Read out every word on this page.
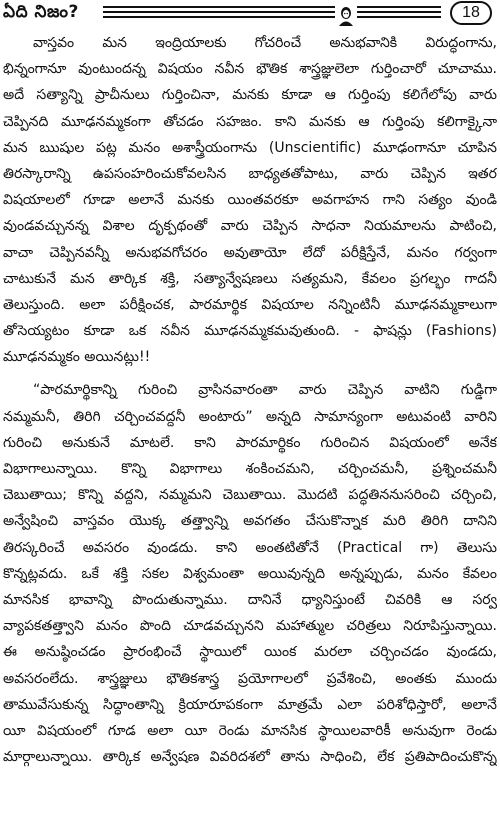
ఏది నిజం?	18
వాస్తవం మన ఇంద్రియాలకు గోచరించే అనుభవానికి విరుద్ధంగాను,
భిన్నంగానూ వుంటుందన్న విషయం నవీన భౌతిక శాస్త్రజ్ఞులెలా గుర్తించారో చూచాము.
అదే సత్యాన్ని ప్రాచీనులు గుర్తించినా, మనకు కూడా ఆ గుర్తింపు కలిగేలోపు వారు
చెప్పినది మూఢనమ్మకంగా తోచడం సహజం. కాని మనకు ఆ గుర్తింపు కలిగాక్కైనా
మన ఋషుల పట్ల మనం అశాస్త్రీయంగాను (Unscientific) మూఢంగానూ చూపిన
తిరస్కారాన్ని ఉపసంహరించుకోవలసిన బాధ్యతతోపాటు, వారు చెప్పిన ఇతర
విషయాలలో గూడా అలానే మనకు యింతవరకూ అవగాహన గాని సత్యం వుండి
వుండవచ్చునన్న విశాల దృక్పథంతో వారు చెప్పిన సాధనా నియమాలను పాటించి,
వాచా చెప్పినవన్నీ అనుభవగోచరం అవుతాయో లేదో పరీక్షిస్తేనే, మనం గర్వంగా
చాటుకునే మన తార్కిక శక్తి, సత్యాన్వేషణలు సత్యమని, కేవలం ప్రగల్భం గాదనీ
తెలుస్తుంది. అలా పరీక్షించక, పారమార్థిక విషయాల నన్నింటినీ మూఢనమ్మకాలుగా
తోసెయ్యటం కూడా ఒక నవీన మూఢనమ్మకమవుతుంది. - ఫాషన్లు (Fashions)
మూఢనమ్మకం అయినట్లు!!
“పారమార్థికాన్ని గురించి వ్రాసినవారంతా వారు చెప్పిన వాటిని గుడ్డిగా
నమ్మమనీ, తిరిగి చర్చించవద్దనీ అంటారు” అన్నది సామాన్యంగా అటువంటి వారిని
గురించి అనుకునే మాటలే. కాని పారమార్థికం గురించిన విషయంలో అనేక
విభాగాలున్నాయి. కొన్ని విభాగాలు శంకించమని, చర్చించమనీ, ప్రశ్నించమనీ
చెబుతాయి; కొన్ని వద్దని, నమ్మమని చెబుతాయి. మొదటి పద్ధతిననుసరించి చర్చించి,
అన్వేషించి వాస్తవం యొక్క తత్త్వాన్ని అవగతం చేసుకొన్నాక మరి తిరిగి దానిని
తిరస్కరించే అవసరం వుండదు. కాని అంతటితోనే (Practical గా) తెలుసు
కొన్నట్లవదు. ఒకే శక్తి సకల విశ్వమంతా అయివున్నది అన్నప్పుడు, మనం కేవలం
మానసిక భావాన్ని పొందుతున్నాము. దానినే ధ్యానిస్తుంటే చివరికి ఆ సర్వ
వ్యాపకతత్త్వాని మనం పొంది చూడవచ్చునని మహాత్ముల చరిత్రలు నిరూపిస్తున్నాయి.
ఈ అనుష్ఠించడం ప్రారంభించే స్థాయిలో యింక మరలా చర్చించడం వుండదు,
అవసరంలేదు. శాస్త్రజ్ఞులు భౌతికశాస్త్ర ప్రయోగాలలో ప్రవేశించి, అంతకు ముందు
తామువేసుకున్న సిద్ధాంతాన్ని క్రియారూపకంగా మాత్రమే ఎలా పరిశోధిస్తారో, అలానే
యీ విషయంలో గూడ అలా యీ రెండు మానసిక స్థాయిలవారికీ అనువుగా రెండు
మార్గాలున్నాయి. తార్కిక అన్వేషణ వివరిదశలో తాను సాధించి, లేక ప్రతిపాదించుకొన్న
